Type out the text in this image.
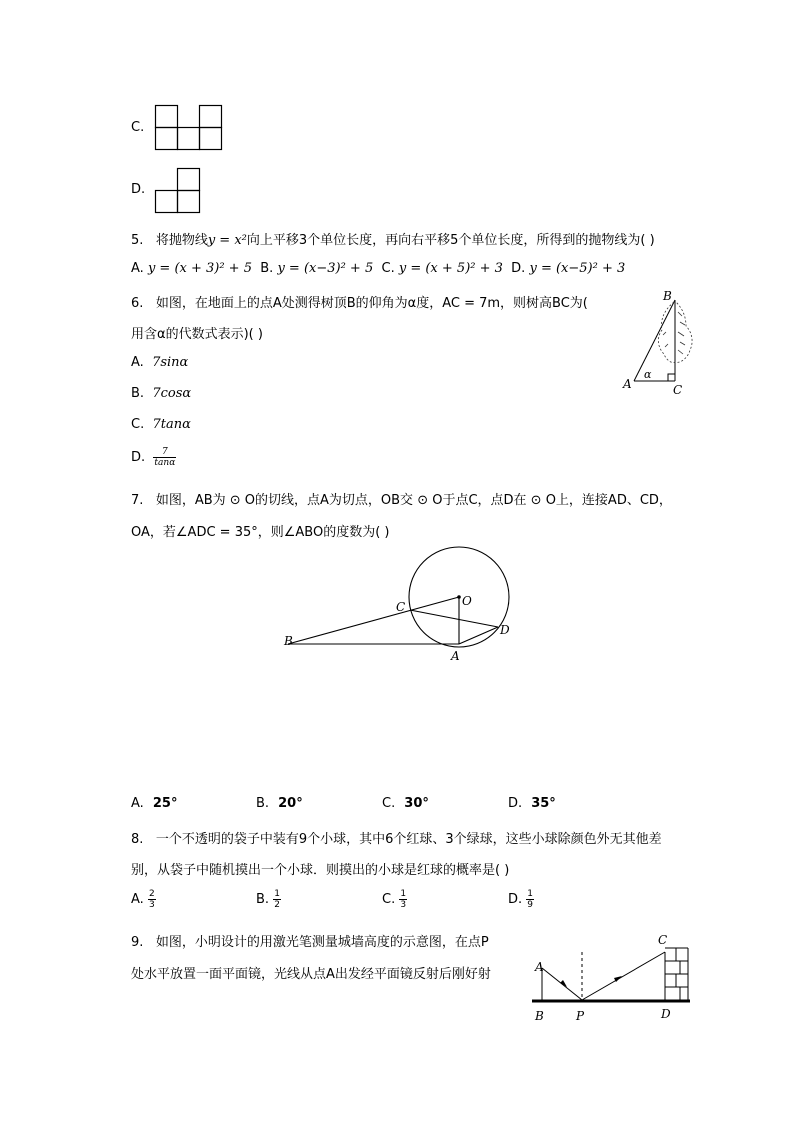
C.
D.
5. 将抛物线y = x²向上平移3个单位长度，再向右平移5个单位长度，所得到的抛物线为( )
A. y = (x + 3)² + 5 B. y = (x−3)² + 5 C. y = (x + 5)² + 3 D. y = (x−5)² + 3
6. 如图，在地面上的点A处测得树顶B的仰角为α度，AC = 7m，则树高BC为(
用含α的代数式表示)( )
A. 7sinα
B. 7cosα
C. 7tanα
D. $\frac{7}{\tan\alpha}$
B
A	C
α
7. 如图，AB为 ⊙ O的切线，点A为切点，OB交 ⊙ O于点C，点D在 ⊙ O上，连接AD、CD，
OA，若∠ADC = 35°，则∠ABO的度数为( )
O
C
D
B
A
A. 25°	B. 20°	C. 30°	D. 35°
8. 一个不透明的袋子中装有9个小球，其中6个红球、3个绿球，这些小球除颜色外无其他差
别，从袋子中随机摸出一个小球．则摸出的小球是红球的概率是( )
A. $\frac{2}{3}$	B. $\frac{1}{2}$	C. $\frac{1}{3}$	D. $\frac{1}{9}$
9. 如图，小明设计的用激光笔测量城墙高度的示意图，在点P
处水平放置一面平面镜，光线从点A出发经平面镜反射后刚好射	A
B	P
C
D
